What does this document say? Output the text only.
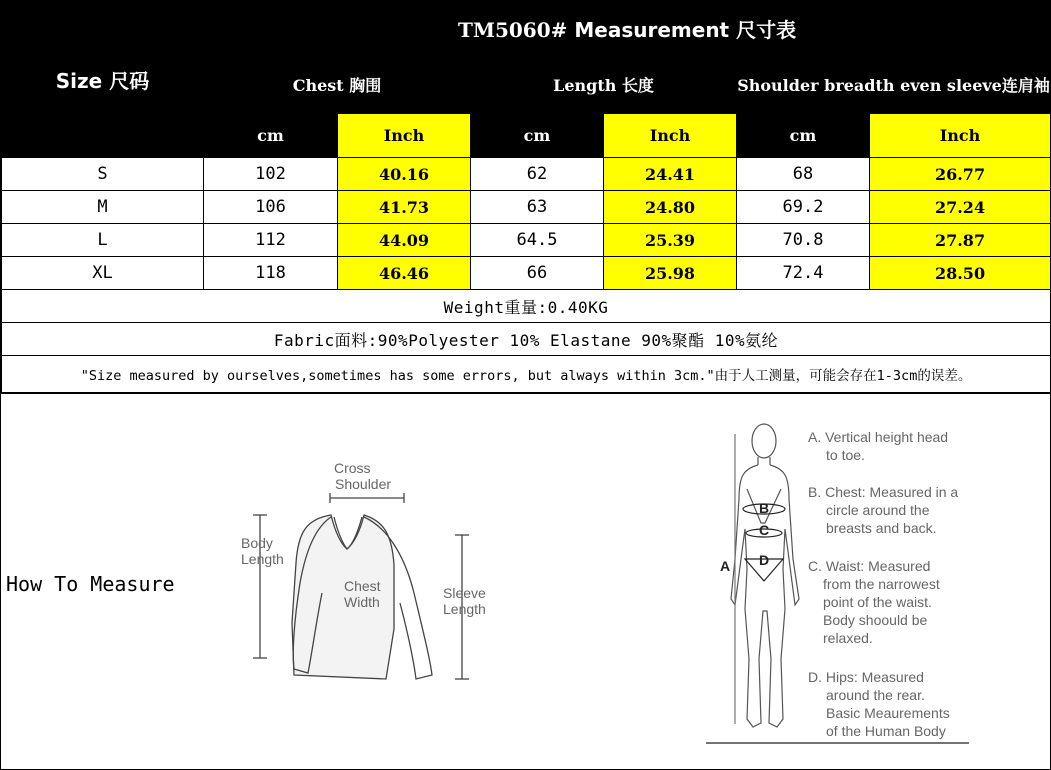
Size 尺码	TM5060# Measurement 尺寸表					
	Chest 胸围		Length 长度		Shoulder breadth even sleeve连肩袖	
	cm	Inch	cm	Inch	cm	Inch
S	102	40.16	62	24.41	68	26.77
M	106	41.73	63	24.80	69.2	27.24
L	112	44.09	64.5	25.39	70.8	27.87
XL	118	46.46	66	25.98	72.4	28.50
Weight重量:0.40KG						
Fabric面料:90%Polyester 10% Elastane 90%聚酯 10%氨纶						
"Size measured by ourselves,sometimes has some errors, but always within 3cm."由于人工测量，可能会存在1-3cm的误差。						
How To Measure
Cross
Shoulder
Body
Length
Chest
Width
Sleeve
Length
A
B
C
D
A. Vertical height head
to toe.
B. Chest: Measured in a
circle around the
breasts and back.
C. Waist: Measured
from the narrowest
point of the waist.
Body shoould be
relaxed.
D. Hips: Measured
around the rear.
Basic Meaurements
of the Human Body
